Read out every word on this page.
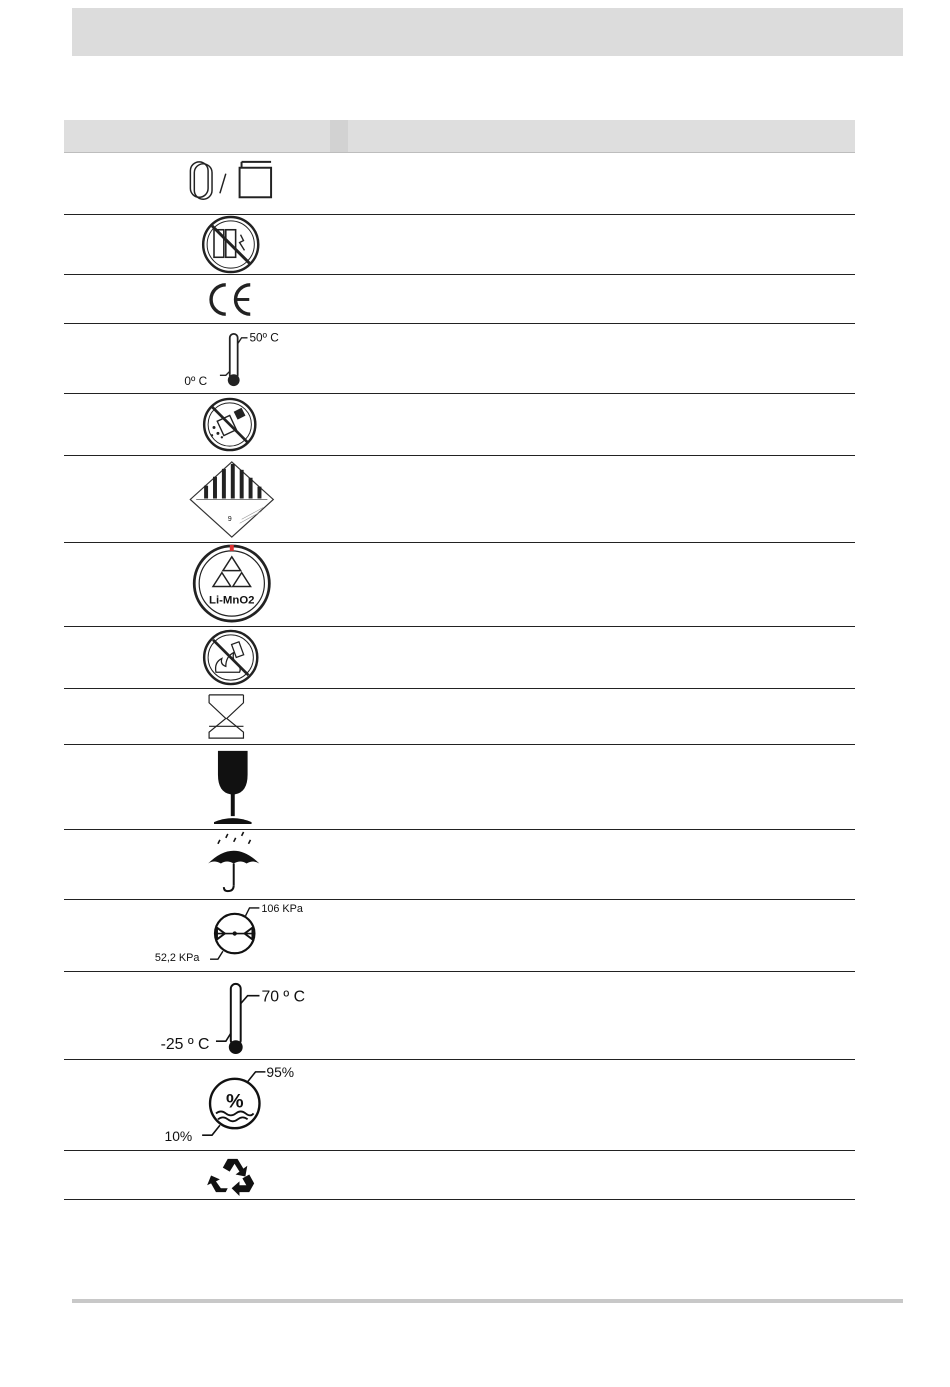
50º C
0º C
9
Li-MnO2
106 KPa
52,2 KPa
70 º C
-25 º C
%
95%
10%
